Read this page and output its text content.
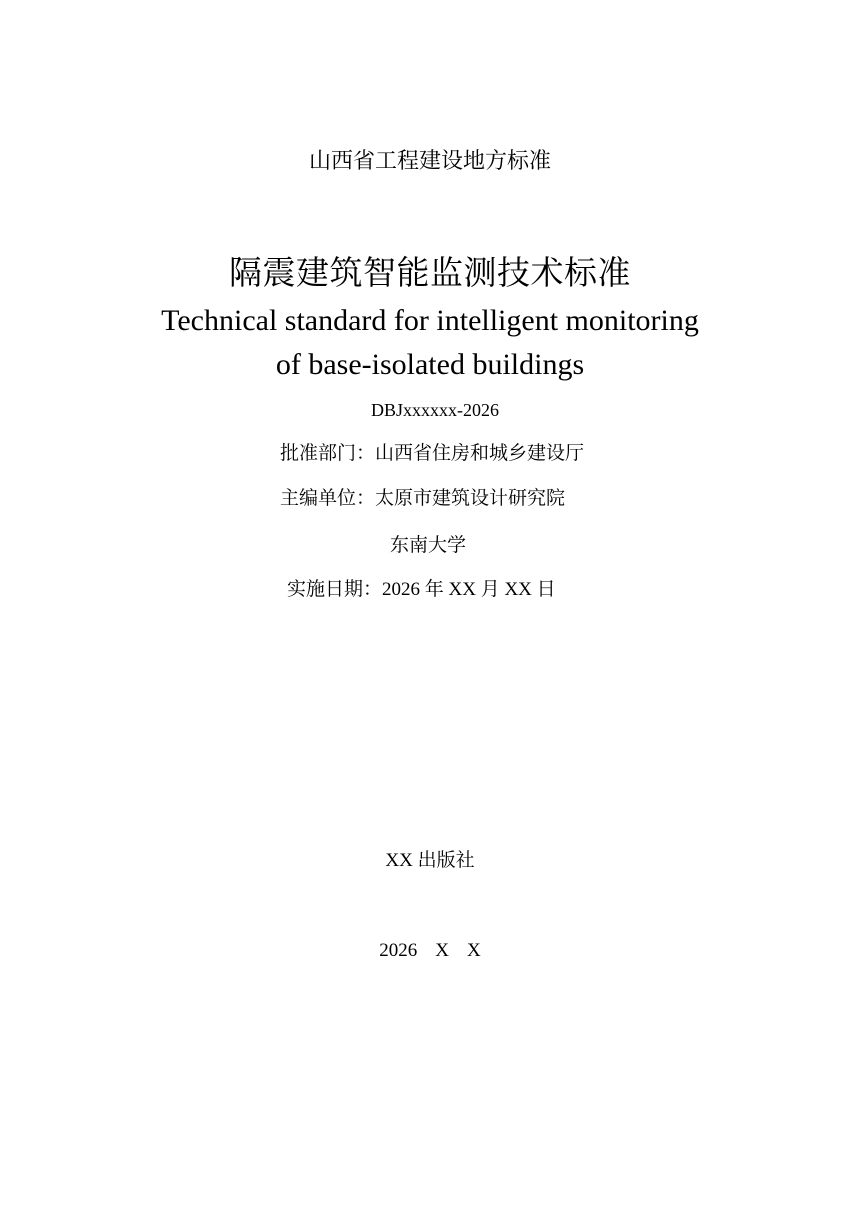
山西省工程建设地方标准
隔震建筑智能监测技术标准
Technical standard for intelligent monitoring
of base-isolated buildings
DBJxxxxxx-2026
批准部门：山西省住房和城乡建设厅
主编单位：太原市建筑设计研究院
东南大学
实施日期：2026 年 XX 月 XX 日
XX 出版社
2026 X X
